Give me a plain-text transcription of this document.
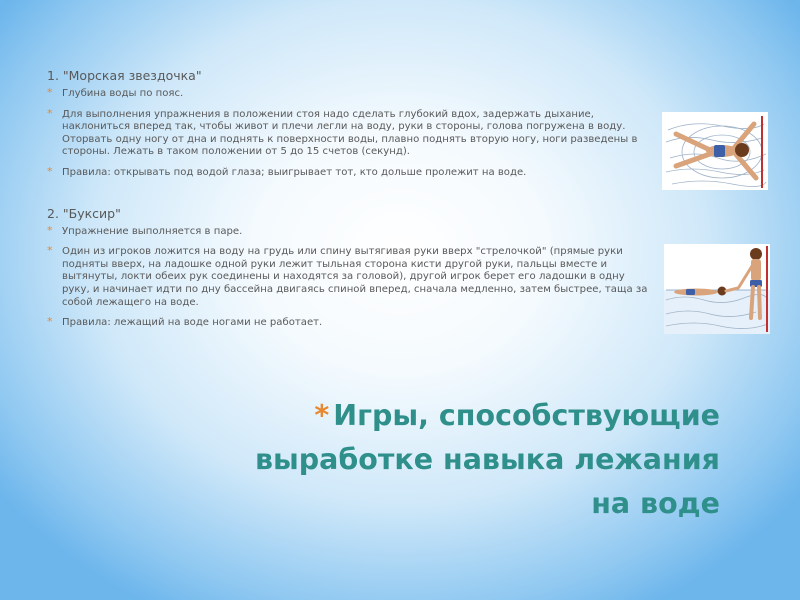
1. "Морская звездочка"
* Глубина воды по пояс.
* Для выполнения упражнения в положении стоя надо сделать глубокий вдох, задержать дыхание, наклониться вперед так, чтобы живот и плечи легли на воду, руки в стороны, голова погружена в воду. Оторвать одну ногу от дна и поднять к поверхности воды, плавно поднять вторую ногу, ноги разведены в стороны. Лежать в таком положении от 5 до 15 счетов (секунд).
* Правила: открывать под водой глаза; выигрывает тот, кто дольше пролежит на воде.
2. "Буксир"
* Упражнение выполняется в паре.
* Один из игроков ложится на воду на грудь или спину вытягивая руки вверх "стрелочкой" (прямые руки подняты вверх, на ладошке одной руки лежит тыльная сторона кисти другой руки, пальцы вместе и вытянуты, локти обеих рук соединены и находятся за головой), другой игрок берет его ладошки в одну руку, и начинает идти по дну бассейна двигаясь спиной вперед, сначала медленно, затем быстрее, таща за собой лежащего на воде.
* Правила: лежащий на воде ногами не работает.
* Игры, способствующие
выработке навыка лежания
на воде
